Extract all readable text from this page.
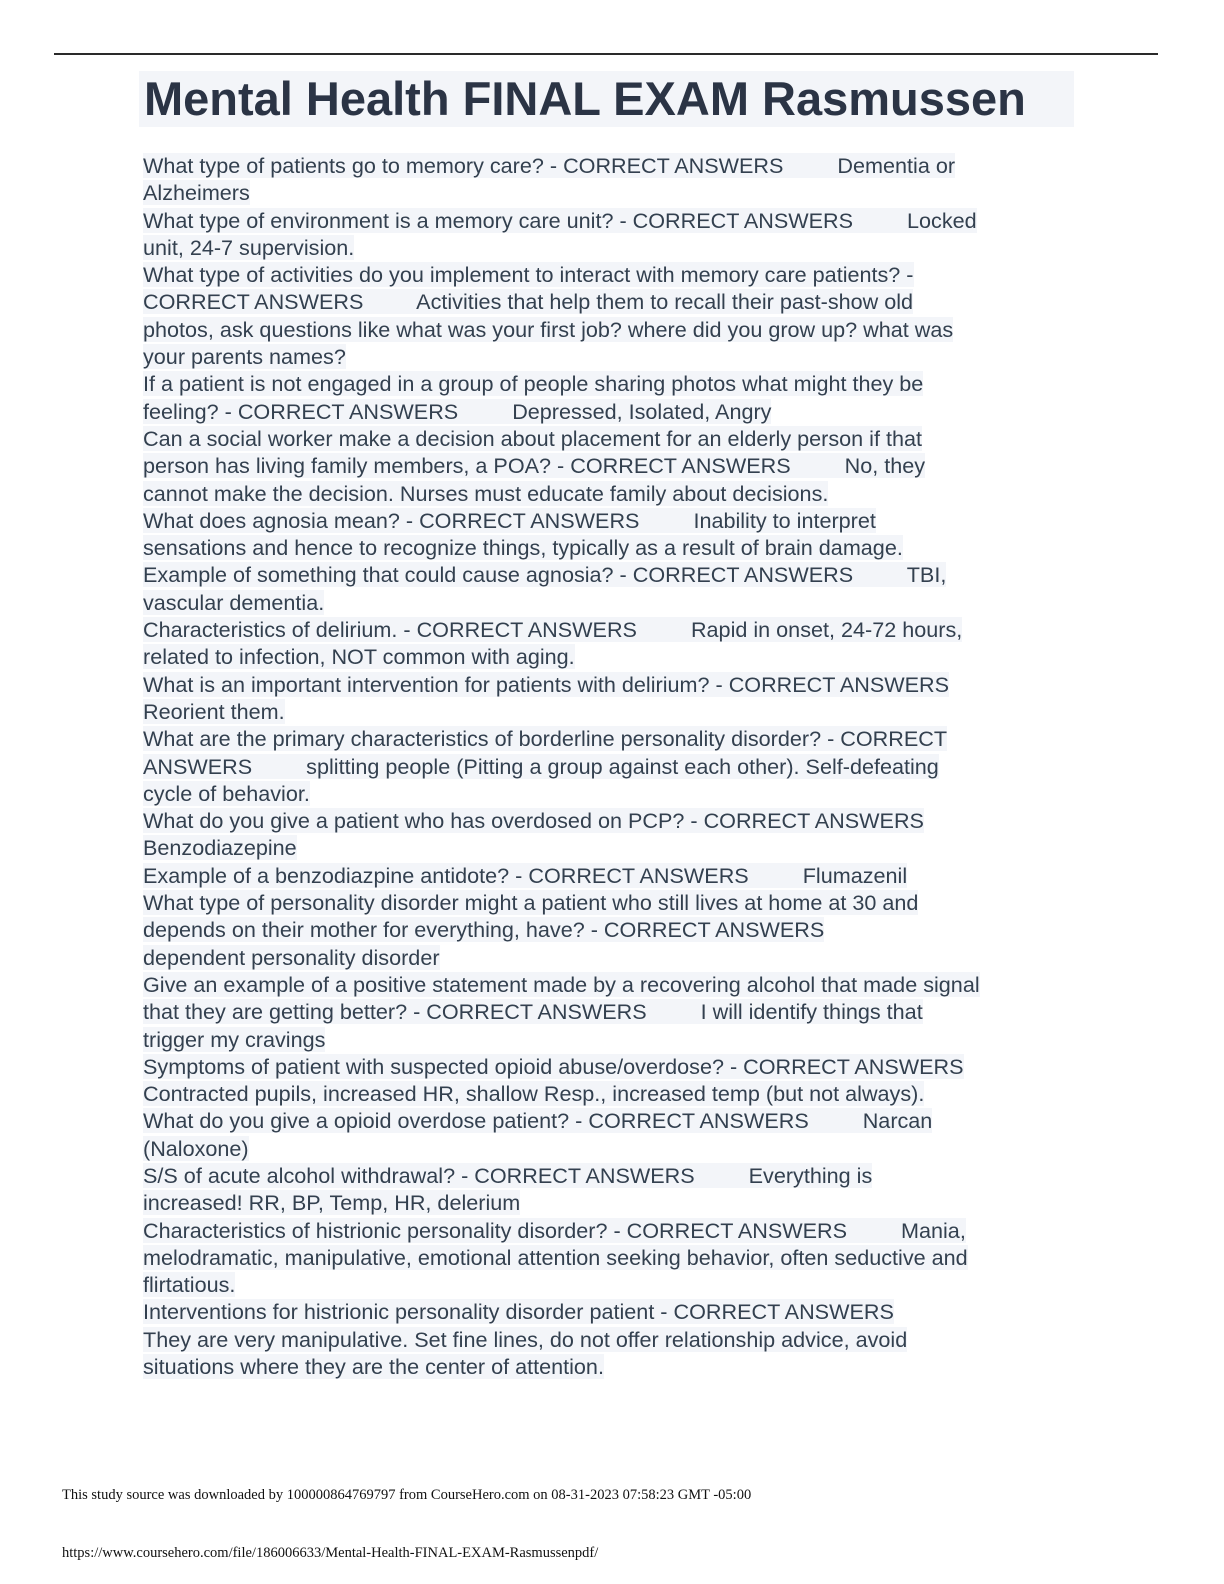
Mental Health FINAL EXAM Rasmussen
What type of patients go to memory care? - CORRECT ANSWERS         Dementia or
Alzheimers
What type of environment is a memory care unit? - CORRECT ANSWERS         Locked
unit, 24-7 supervision.
What type of activities do you implement to interact with memory care patients? -
CORRECT ANSWERS         Activities that help them to recall their past-show old
photos, ask questions like what was your first job? where did you grow up? what was
your parents names?
If a patient is not engaged in a group of people sharing photos what might they be
feeling? - CORRECT ANSWERS         Depressed, Isolated, Angry
Can a social worker make a decision about placement for an elderly person if that
person has living family members, a POA? - CORRECT ANSWERS         No, they
cannot make the decision. Nurses must educate family about decisions.
What does agnosia mean? - CORRECT ANSWERS         Inability to interpret
sensations and hence to recognize things, typically as a result of brain damage.
Example of something that could cause agnosia? - CORRECT ANSWERS         TBI,
vascular dementia.
Characteristics of delirium. - CORRECT ANSWERS         Rapid in onset, 24-72 hours,
related to infection, NOT common with aging.
What is an important intervention for patients with delirium? - CORRECT ANSWERS
Reorient them.
What are the primary characteristics of borderline personality disorder? - CORRECT
ANSWERS         splitting people (Pitting a group against each other). Self-defeating
cycle of behavior.
What do you give a patient who has overdosed on PCP? - CORRECT ANSWERS
Benzodiazepine
Example of a benzodiazpine antidote? - CORRECT ANSWERS         Flumazenil
What type of personality disorder might a patient who still lives at home at 30 and
depends on their mother for everything, have? - CORRECT ANSWERS
dependent personality disorder
Give an example of a positive statement made by a recovering alcohol that made signal
that they are getting better? - CORRECT ANSWERS         I will identify things that
trigger my cravings
Symptoms of patient with suspected opioid abuse/overdose? - CORRECT ANSWERS
Contracted pupils, increased HR, shallow Resp., increased temp (but not always).
What do you give a opioid overdose patient? - CORRECT ANSWERS         Narcan
(Naloxone)
S/S of acute alcohol withdrawal? - CORRECT ANSWERS         Everything is
increased! RR, BP, Temp, HR, delerium
Characteristics of histrionic personality disorder? - CORRECT ANSWERS         Mania,
melodramatic, manipulative, emotional attention seeking behavior, often seductive and
flirtatious.
Interventions for histrionic personality disorder patient - CORRECT ANSWERS
They are very manipulative. Set fine lines, do not offer relationship advice, avoid
situations where they are the center of attention.
This study source was downloaded by 100000864769797 from CourseHero.com on 08-31-2023 07:58:23 GMT -05:00
https://www.coursehero.com/file/186006633/Mental-Health-FINAL-EXAM-Rasmussenpdf/
